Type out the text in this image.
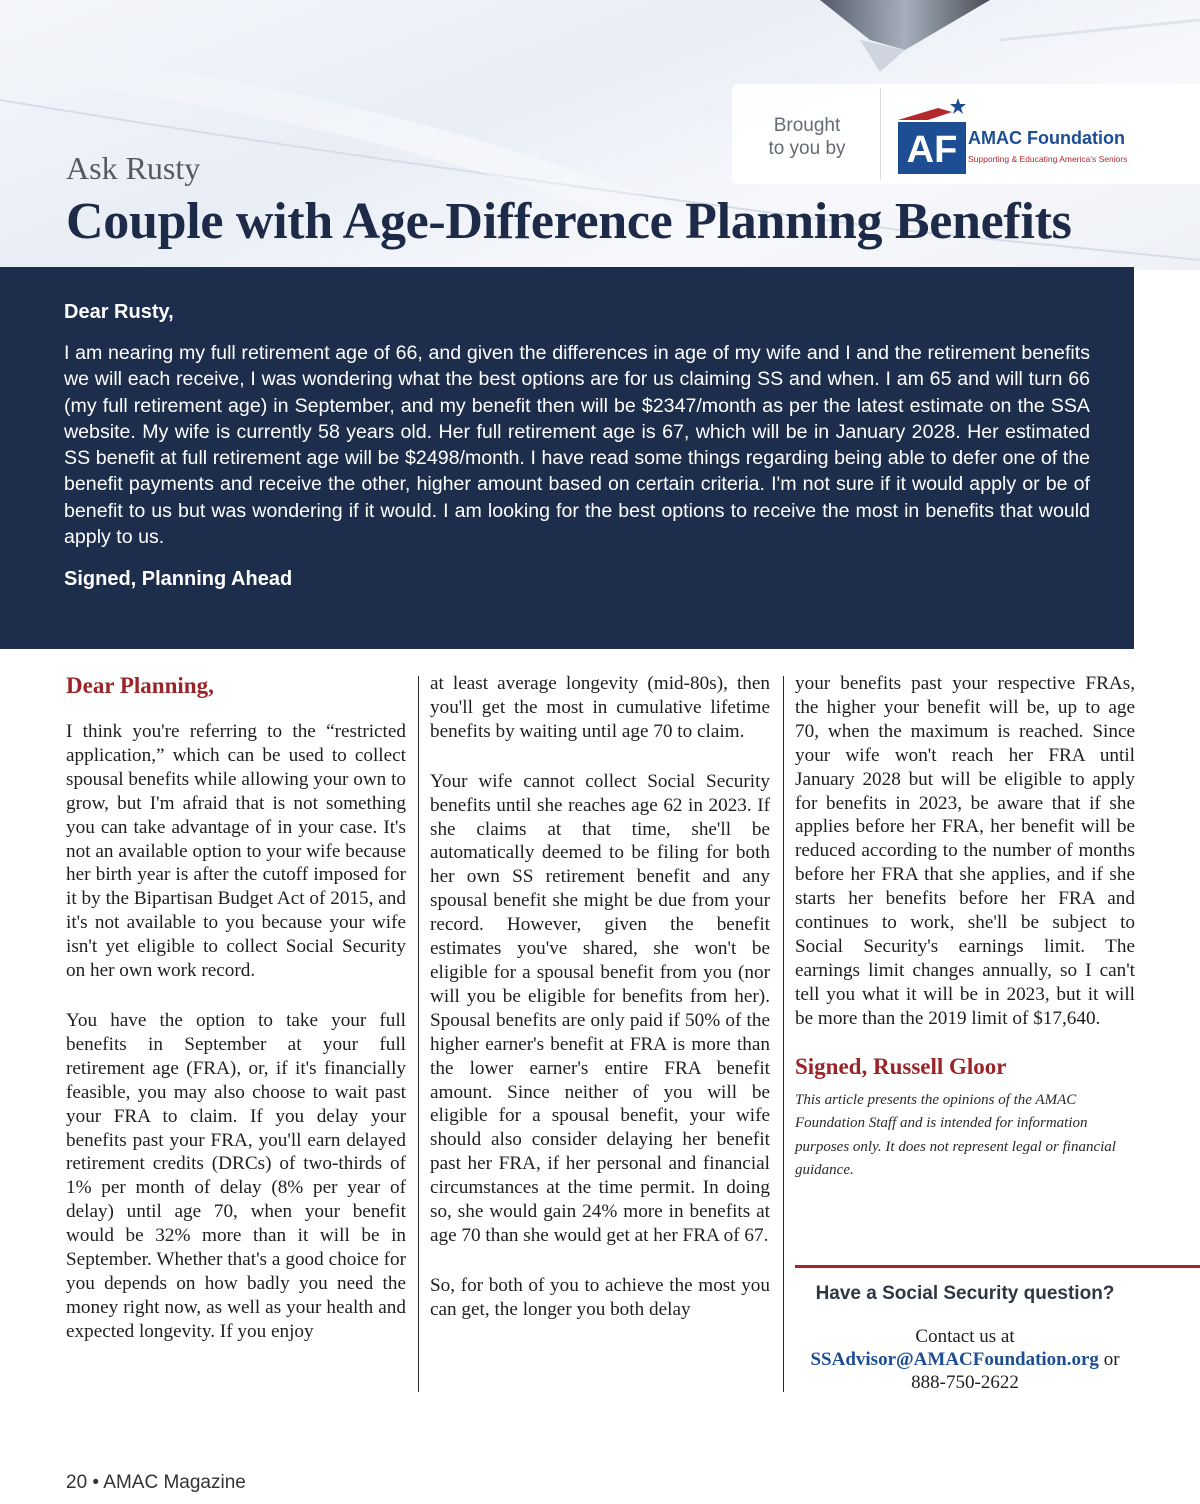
Brought
to you by	AF AMAC Foundation
Supporting & Educating America's Seniors
Ask Rusty
Couple with Age-Difference Planning Benefits
Dear Rusty,
I am nearing my full retirement age of 66, and given the differences in age of my wife and I and the retirement benefits we will each receive, I was wondering what the best options are for us claiming SS and when. I am 65 and will turn 66 (my full retirement age) in September, and my benefit then will be $2347/month as per the latest estimate on the SSA website. My wife is currently 58 years old. Her full retirement age is 67, which will be in January 2028. Her estimated SS benefit at full retirement age will be $2498/month. I have read some things regarding being able to defer one of the benefit payments and receive the other, higher amount based on certain criteria. I'm not sure if it would apply or be of benefit to us but was wondering if it would. I am looking for the best options to receive the most in benefits that would apply to us.
Signed, Planning Ahead
Dear Planning,

I think you're referring to the “restricted application,” which can be used to collect spousal benefits while allowing your own to grow, but I'm afraid that is not something you can take advantage of in your case. It's not an available option to your wife because her birth year is after the cutoff imposed for it by the Bipartisan Budget Act of 2015, and it's not available to you because your wife isn't yet eligible to collect Social Security on her own work record.

You have the option to take your full benefits in September at your full retirement age (FRA), or, if it's financially feasible, you may also choose to wait past your FRA to claim. If you delay your benefits past your FRA, you'll earn delayed retirement credits (DRCs) of two-thirds of 1% per month of delay (8% per year of delay) until age 70, when your benefit would be 32% more than it will be in September. Whether that's a good choice for you depends on how badly you need the money right now, as well as your health and expected longevity. If you enjoy

at least average longevity (mid-80s), then you'll get the most in cumulative lifetime benefits by waiting until age 70 to claim.

Your wife cannot collect Social Security benefits until she reaches age 62 in 2023. If she claims at that time, she'll be automatically deemed to be filing for both her own SS retirement benefit and any spousal benefit she might be due from your record. However, given the benefit estimates you've shared, she won't be eligible for a spousal benefit from you (nor will you be eligible for benefits from her). Spousal benefits are only paid if 50% of the higher earner's benefit at FRA is more than the lower earner's entire FRA benefit amount. Since neither of you will be eligible for a spousal benefit, your wife should also consider delaying her benefit past her FRA, if her personal and financial circumstances at the time permit. In doing so, she would gain 24% more in benefits at age 70 than she would get at her FRA of 67.

So, for both of you to achieve the most you can get, the longer you both delay

your benefits past your respective FRAs, the higher your benefit will be, up to age 70, when the maximum is reached. Since your wife won't reach her FRA until January 2028 but will be eligible to apply for benefits in 2023, be aware that if she applies before her FRA, her benefit will be reduced according to the number of months before her FRA that she applies, and if she starts her benefits before her FRA and continues to work, she'll be subject to Social Security's earnings limit. The earnings limit changes annually, so I can't tell you what it will be in 2023, but it will be more than the 2019 limit of $17,640.

Signed, Russell Gloor
This article presents the opinions of the AMAC Foundation Staff and is intended for information purposes only. It does not represent legal or financial guidance.
Have a Social Security question?
Contact us at
SSAdvisor@AMACFoundation.org or
888-750-2622
20 • AMAC Magazine
